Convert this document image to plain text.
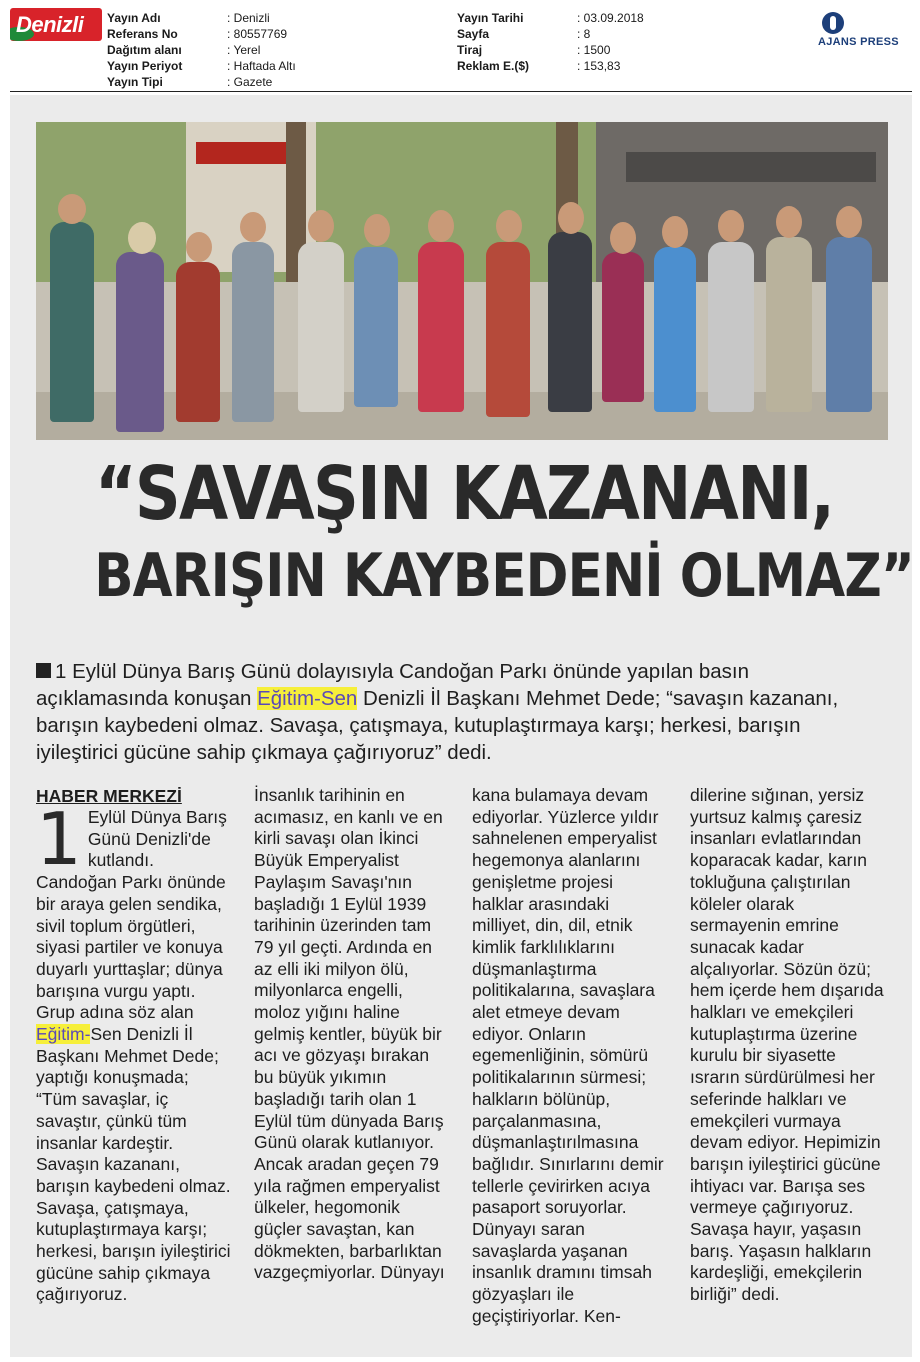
Denizli Yayın Adı	: Denizli
Referans No	: 80557769
Dağıtım alanı	: Yerel
Yayın Periyot	: Haftada Altı
Yayın Tipi	: Gazete
Yayın Tarihi	: 03.09.2018
Sayfa	: 8
Tiraj	: 1500
Reklam E.($)	: 153,83
AJANS PRESS
“SAVAŞIN KAZANANI,
BARIŞIN KAYBEDENİ OLMAZ”
1 Eylül Dünya Barış Günü dolayısıyla Candoğan Parkı önünde yapılan basın açıklamasında konuşan Eğitim-Sen Denizli İl Başkanı Mehmet Dede; “savaşın kazananı, barışın kaybedeni olmaz. Savaşa, çatışmaya, kutuplaştırmaya karşı; herkesi, barışın iyileştirici gücüne sahip çıkmaya çağırıyoruz” dedi.
HABER MERKEZİ

1 Eylül Dünya Barış Günü Denizli'de kutlandı. Candoğan Parkı önünde bir araya gelen sendika, sivil toplum örgütleri, siyasi partiler ve konuya duyarlı yurttaşlar; dünya barışına vurgu yaptı. Grup adına söz alan Eğitim-Sen Denizli İl Başkanı Mehmet Dede; yaptığı konuşmada; “Tüm savaşlar, iç savaştır, çünkü tüm insanlar kardeştir. Savaşın kazananı, barışın kaybedeni olmaz. Savaşa, çatışmaya, kutuplaştırmaya karşı; herkesi, barışın iyileştirici gücüne sahip çıkmaya çağırıyoruz.

İnsanlık tarihinin en acımasız, en kanlı ve en kirli savaşı olan İkinci Büyük Emperyalist Paylaşım Savaşı'nın başladığı 1 Eylül 1939 tarihinin üzerinden tam 79 yıl geçti. Ardında en az elli iki milyon ölü, milyonlarca engelli, moloz yığını haline gelmiş kentler, büyük bir acı ve gözyaşı bırakan bu büyük yıkımın başladığı tarih olan 1 Eylül tüm dünyada Barış Günü olarak kutlanıyor. Ancak aradan geçen 79 yıla rağmen emperyalist ülkeler, hegomonik güçler savaştan, kan dökmekten, barbarlıktan vazgeçmiyorlar. Dünyayı

kana bulamaya devam ediyorlar. Yüzlerce yıldır sahnelenen emperyalist hegemonya alanlarını genişletme projesi halklar arasındaki milliyet, din, dil, etnik kimlik farklılıklarını düşmanlaştırma politikalarına, savaşlara alet etmeye devam ediyor. Onların egemenliğinin, sömürü politikalarının sürmesi; halkların bölünüp, parçalanmasına, düşmanlaştırılmasına bağlıdır. Sınırlarını demir tellerle çevirirken acıya pasaport soruyorlar. Dünyayı saran savaşlarda yaşanan insanlık dramını timsah gözyaşları ile geçiştiriyorlar. Ken-

dilerine sığınan, yersiz yurtsuz kalmış çaresiz insanları evlatlarından koparacak kadar, karın tokluğuna çalıştırılan köleler olarak sermayenin emrine sunacak kadar alçalıyorlar. Sözün özü; hem içerde hem dışarıda halkları ve emekçileri kutuplaştırma üzerine kurulu bir siyasette ısrarın sürdürülmesi her seferinde halkları ve emekçileri vurmaya devam ediyor. Hepimizin barışın iyileştirici gücüne ihtiyacı var. Barışa ses vermeye çağırıyoruz. Savaşa hayır, yaşasın barış. Yaşasın halkların kardeşliği, emekçilerin birliği” dedi.
